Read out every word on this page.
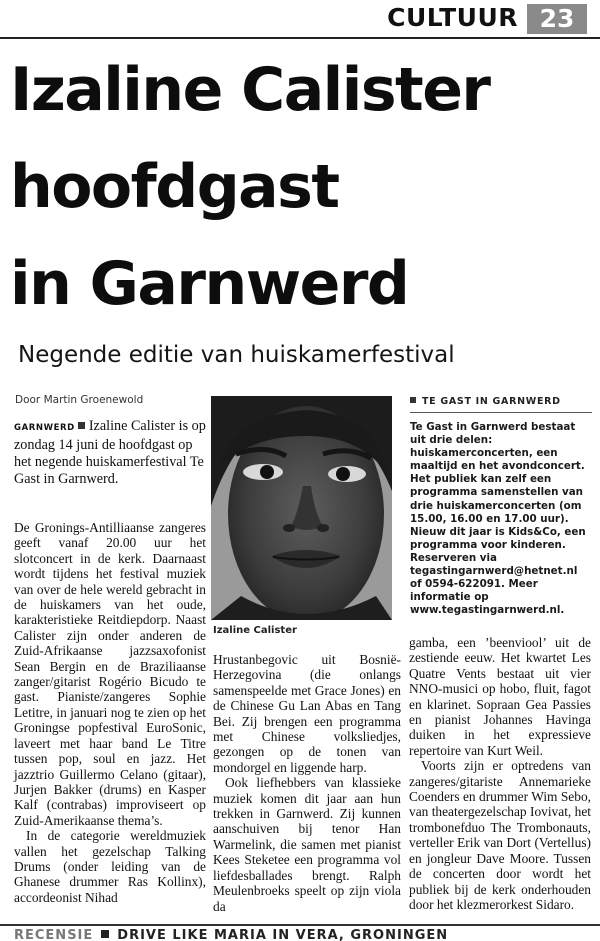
CULTUUR 23
Izaline Calister
hoofdgast
in Garnwerd
Negende editie van huiskamerfestival
Door Martin Groenewold
GARNWERD Izaline Calister is op zondag 14 juni de hoofdgast op het negende huiskamerfestival Te Gast in Garnwerd.

De Gronings-Antilliaanse zangeres geeft vanaf 20.00 uur het slotconcert in de kerk. Daarnaast wordt tijdens het festival muziek van over de hele wereld gebracht in de huiskamers van het oude, karakteristieke Reitdiepdorp. Naast Calister zijn onder anderen de Zuid-Afrikaanse jazzsaxofonist Sean Bergin en de Braziliaanse zanger/gitarist Rogério Bicudo te gast. Pianiste/zangeres Sophie Letitre, in januari nog te zien op het Groningse popfestival EuroSonic, laveert met haar band Le Titre tussen pop, soul en jazz. Het jazztrio Guillermo Celano (gitaar), Jurjen Bakker (drums) en Kasper Kalf (contrabas) improviseert op Zuid-Amerikaanse thema’s.

In de categorie wereldmuziek vallen het gezelschap Talking Drums (onder leiding van de Ghanese drummer Ras Kollinx), accordeonist Nihad

Izaline Calister

Hrustanbegovic uit Bosnië-Herzegovina (die onlangs samenspeelde met Grace Jones) en de Chinese Gu Lan Abas en Tang Bei. Zij brengen een programma met Chinese volksliedjes, gezongen op de tonen van mondorgel en liggende harp.

Ook liefhebbers van klassieke muziek komen dit jaar aan hun trekken in Garnwerd. Zij kunnen aanschuiven bij tenor Han Warmelink, die samen met pianist Kees Steketee een programma vol liefdesballades brengt. Ralph Meulenbroeks speelt op zijn viola da

gamba, een ’beenviool’ uit de zestiende eeuw. Het kwartet Les Quatre Vents bestaat uit vier NNO-musici op hobo, fluit, fagot en klarinet. Sopraan Gea Passies en pianist Johannes Havinga duiken in het expressieve repertoire van Kurt Weil.

Voorts zijn er optredens van zangeres/gitariste Annemarieke Coenders en drummer Wim Sebo, van theatergezelschap Iovivat, het trombonefduo The Trombonauts, verteller Erik van Dort (Vertellus) en jongleur Dave Moore. Tussen de concerten door wordt het publiek bij de kerk onderhouden door het klezmerorkest Sidaro.

TE GAST IN GARNWERD
Te Gast in Garnwerd bestaat uit drie delen: huiskamerconcerten, een maaltijd en het avondconcert. Het publiek kan zelf een programma samenstellen van drie huiskamerconcerten (om 15.00, 16.00 en 17.00 uur). Nieuw dit jaar is Kids&Co, een programma voor kinderen. Reserveren via tegastingarnwerd@hetnet.nl of 0594-622091. Meer informatie op www.tegastingarnwerd.nl.
RECENSIE DRIVE LIKE MARIA IN VERA, GRONINGEN
